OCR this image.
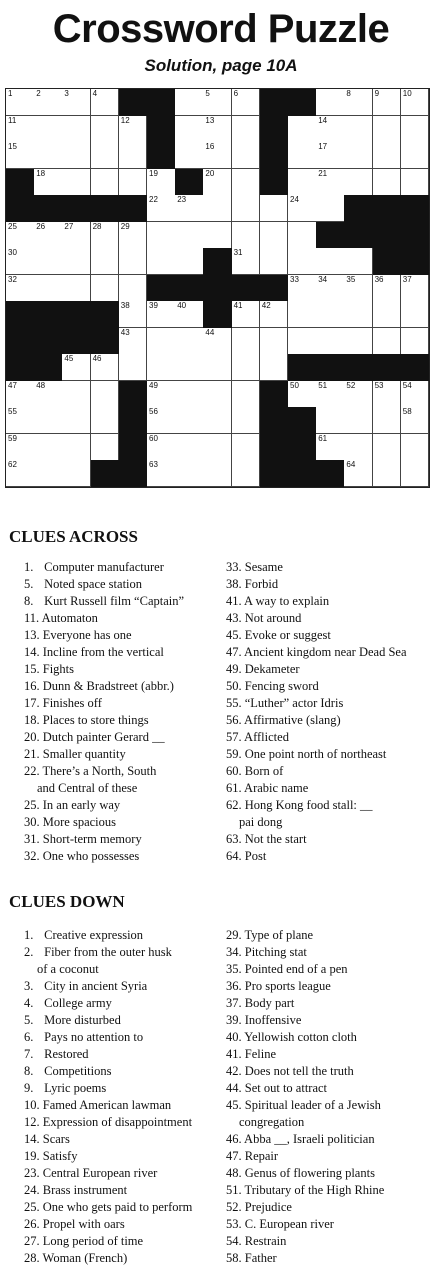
Crossword Puzzle
Solution, page 10A
1	2	3	4	5	6	8	9	10
11	12	13	14
15	16	17
18	19	20	21
22 23	24
25 26 27 28 29
30	31
32	33 34 35 36 37
38 39 40	41 42
43	44
45 46
47 48	49	50 51 52 53 54
55	56	58
59	60	61
62	63	64
CLUES ACROSS
1. Computer manufacturer
5. Noted space station
8. Kurt Russell film “Captain”
11. Automaton
13. Everyone has one
14. Incline from the vertical
15. Fights
16. Dunn & Bradstreet (abbr.)
17. Finishes off
18. Places to store things
20. Dutch painter Gerard __
21. Smaller quantity
22. There’s a North, South
and Central of these
25. In an early way
30. More spacious
31. Short-term memory
32. One who possesses
33. Sesame
38. Forbid
41. A way to explain
43. Not around
45. Evoke or suggest
47. Ancient kingdom near Dead Sea
49. Dekameter
50. Fencing sword
55. “Luther” actor Idris
56. Affirmative (slang)
57. Afflicted
59. One point north of northeast
60. Born of
61. Arabic name
62. Hong Kong food stall: __
pai dong
63. Not the start
64. Post
CLUES DOWN
1. Creative expression
2. Fiber from the outer husk
of a coconut
3. City in ancient Syria
4. College army
5. More disturbed
6. Pays no attention to
7. Restored
8. Competitions
9. Lyric poems
10. Famed American lawman
12. Expression of disappointment
14. Scars
19. Satisfy
23. Central European river
24. Brass instrument
25. One who gets paid to perform
26. Propel with oars
27. Long period of time
28. Woman (French)
29. Type of plane
34. Pitching stat
35. Pointed end of a pen
36. Pro sports league
37. Body part
39. Inoffensive
40. Yellowish cotton cloth
41. Feline
42. Does not tell the truth
44. Set out to attract
45. Spiritual leader of a Jewish
congregation
46. Abba __, Israeli politician
47. Repair
48. Genus of flowering plants
51. Tributary of the High Rhine
52. Prejudice
53. C. European river
54. Restrain
58. Father
